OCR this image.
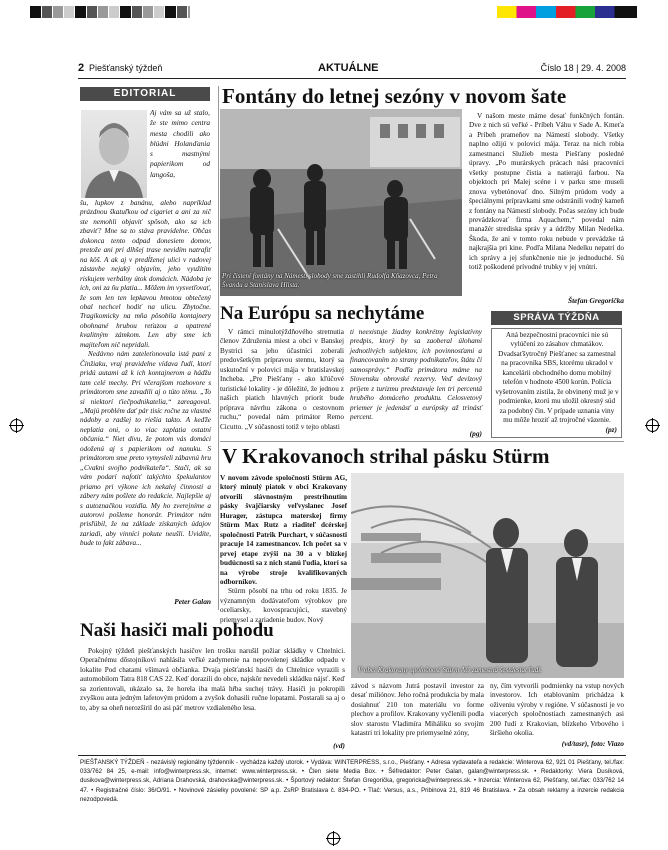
2 Piešťanský týždeň	AKTUÁLNE	Číslo 18 | 29. 4. 2008
EDITORIAL
Aj vám sa už stalo, že ste mimo centra mesta chodili ako blúdni Holanďania s mastnými papierikom od langoša,

šu, lupkov z banánu, alebo napríklad prázdnou škatuľkou od cigariet a ani za nič ste nemohli objaviť spôsob, ako sa ich zbaviť? Mne sa to stáva pravidelne. Občas dokonca tento odpad donesiem domov, pretože ani pri dlhšej trase nevidím natrafiť na kôš. A ak aj v predĺženej ulici v radovej zástavbe nejaký objavím, jeho využitím riskujem verbálny útok domácich. Nádoba je ich, oni za ňu platia... Môžem im vysvetľovať, že som len ten lepkavou hmotou obtečený obal nechcel hodiť na ulicu. Zbytočne. Tragikomicky na mňa pôsobila kontajnery obohnané hrubou reťazou a opatrené kvalitným zámkom. Len aby sme ich majiteľom nič nepridali.

Nedávno nám zateleťonovala istá pani z Čínžiaku, vraj pravidelne vídava ľudí, ktorí pridú autami až k ich kontajnerom a hádžu tam celé mechy. Pri včerajšom rozhovore s primátorom sme zavadili aj o túto tému. „To si niektorí ťiečpodnikatelia,“ zareagoval. „Majú problém dať pár tisíc ročne za vlastné nádoby a radšej to riešia takto. A keďže neplatia oni, o to viac zaplatia ostatní občania.“ Niet divu, že potom vás domáci odoženú aj s papierikom od nanuku. S primátorom sme preto vymysleli zábavnú hru „Cvakni svojho podnikateľa“. Stačí, ak sa vám podarí nafotiť takýchto špekulantov priamo pri výkone ich nekalej činnosti a zábery nám pošlete do redakcie. Najlepšie aj s autoznačkou vozidla. My ho zverejníme a autorovi pošleme honorár. Primátor nám prisľúbil, že na základe získaných údajov zariadi, aby vinníci pokute neušli. Uvidíte, bude to fakt zábava...

Peter Galan
Fontány do letnej sezóny v novom šate
Pri čistení fontány na Námestí slobody sme zastihli Rudolfa Kňazovca, Petra Švandu a Stanislava Hlista.

V našom meste máme desať funkčných fontán. Dve z nich sú veľké - Príbeh Váhu v Sade A. Kmeťa a Príbeh prameňov na Námestí slobody. Všetky naplno ožijú v polovici mája. Teraz na nich robia zamestnanci Služieb mesta Piešťany posledné úpravy. „Po murárskych prácach nási pracovníci všetky postupne čistia a natierajú farbou. Na objektoch pri Malej scéne i v parku sme museli znova vybetónovať dno. Silným prúdom vody a špeciálnymi prípravkami sme odstránili vodný kameň z fontány na Námestí slobody. Počas sezóny ich bude prevádzkovať firma Aquachem,“ povedal nám manažér strediska správ y a údržby Milan Nedelka. Škoda, že ani v tomto roku nebude v prevádzke tá najkrajšia pri kine. Podľa Milana Nedelku nepatrí do ich správy a jej sfunkčnenie nie je jednoduché. Sú totiž poškodené prívodné trubky v jej vnútri.

Štefan Gregorička
Na Európu sa nechytáme
V rámci minulotýždňového stretnutia členov Združenia miest a obcí v Banskej Bystrici sa jeho účastníci zoberali predovšetkým prípravou stennu, ktorý sa uskutoční v polovici mája v bratislavskej Incheba. „Pre Piešťany - ako kľúčové turistické lokality - je dôležité, že jednou z našich piatich hlavných priorít bude príprava návrhu zákona o cestovnom ruchu,“ povedal nám primátor Remo Cicutto. „V súčasnosti totiž v tejto oblasti
ti neexistuje žiadny konkrétny legislatívny predpis, ktorý by sa zaoberal úlohami jednotlivých subjektov, ich povinnosťami a financovaním zo strany podnikateľov, štátu či samosprávy.“ Podľa primátora máme na Slovensku obrovské rezervy. Veď devízový príjem z turizmu predstavuje len tri percentá hrubého domáceho produktu. Celosvetový priemer je jedenásť a európsky až trinásť percent.
(pg)
SPRÁVA TÝŽDŇA
Aná bezpečnostní pracovníci nie sú vylúčení zo zásahov chmatákov. Dvadsaťšytročný Piešťanec sa zamestnal na pracovníka SBS, ktorému ukradol v kancelárii obchodného domu mobilný telefón v hodnote 4500 korún. Polícia vyšetrovaním zistila, že obvinený muž je v podmienke, ktorú mu uložil okresný súd za podobný čin. V prípade uznania viny mu môže hroziť až trojročné väzenie.
(pz)
V Krakovanoch strihal pásku Stürm

V novom závode spoločnosti Stürm AG, ktorý minulý piatok v obci Krakovany otvorili slávnostným prestrihnutím pásky švajčiarsky veľvyslanec Josef Hurager, zástupca materskej firmy Stürm Max Rutz a riaditeľ dcérskej spoločnosti Patrik Purchart, v súčasnosti pracuje 14 zamestnancov. Ich počet sa v prvej etape zvýši na 30 a v blízkej budúcnosti sa z nich stanú ľudia, ktorí sa na výrobe stroje kvalifikovaných odborníkov.

Stürm pôsobí na trhu od roku 1835. Je významným dodávateľom výrobkov pre oceliarsky, kovospracujúci, stavebný priemysel a zariadenie budov. Nový

V obci Krakovany spoločnosť Stürm AG zamestná šestdesiat ľudí.
závod s názvom Jutrá postavil investor za desať miliónov. Jeho ročná produkcia by mala dosiahnuť 210 ton materiálu vo forme plechov a profilov. Krakovany vyčlenili podla slov starostu Vladimíra Miháliku so svojím katastri tri lokality pre priemyselné zóny,
ny, čím vytvorili podmienky na vstup nových investorov. Ich etablovaním prichádza k oživeniu výroby v regióne. V súčasnosti je vo viacerých spoločnostiach zamestnaných asi 200 ľudí z Krakovian, blízkeho Vrbového i širšieho okolia.
(vd/tasr), foto: Viazo
Naši hasiči mali pohodu
Pokojný týždeň piešťanských hasičov len trošku narušil požiar skládky v Chtelnici. Operačnému dôstojníkovi nahlásila veľké zadymenie na nepovolenej skládke odpadu v lokalite Pod chatami všímavá občianka. Dvaja piešťanskí hasiči do Chtelnice vyrazili s automobilom Tatra 818 CAS 22. Keď dorazili do obce, najskôr nevedeli skládku nájsť. Keď sa zorientovali, ukázalo sa, že horela iba malá hŕba suchej trávy. Hasiči ju pokropili zvyškou auta jedným lafetovým prúdom a zvyšok dohasili ručne lopatami. Postarali sa aj o to, aby sa oheň nerozšíril do asi päť metrov vzdialeného lesa.
(vd)
PIEŠŤANSKÝ TÝŽDEŇ - nezávislý regionálny týždenník - vychádza každý utorok. • Vydáva: WINTERPRESS, s.r.o., Piešťany. • Adresa vydavateľa a redakcie: Winterova 62, 921 01 Piešťany, tel./fax: 033/762 84 25, e-mail: info@winterpress.sk, internet: www.winterpress.sk. • Člen siete Media Box. • Šéfredaktor: Peter Galan, galan@winterpress.sk. • Redaktorky: Viera Dusíková, dusikova@winterpress.sk, Adriana Drahovská, drahovska@winterpress.sk. • Športový redaktor: Štefan Gregorička, gregoricka@winterpress.sk. • Inzercia: Winterova 62, Piešťany, tel./fax: 033/762 14 47. • Registračné číslo: 36/O/91. • Novinové zásielky povolené: SP a.p. ZsRP Bratislava č. 834-PO. • Tlač: Versus, a.s., Pribinova 21, 819 46 Bratislava. • Za obsah reklamy a inzercie redakcia nezodpovedá.
